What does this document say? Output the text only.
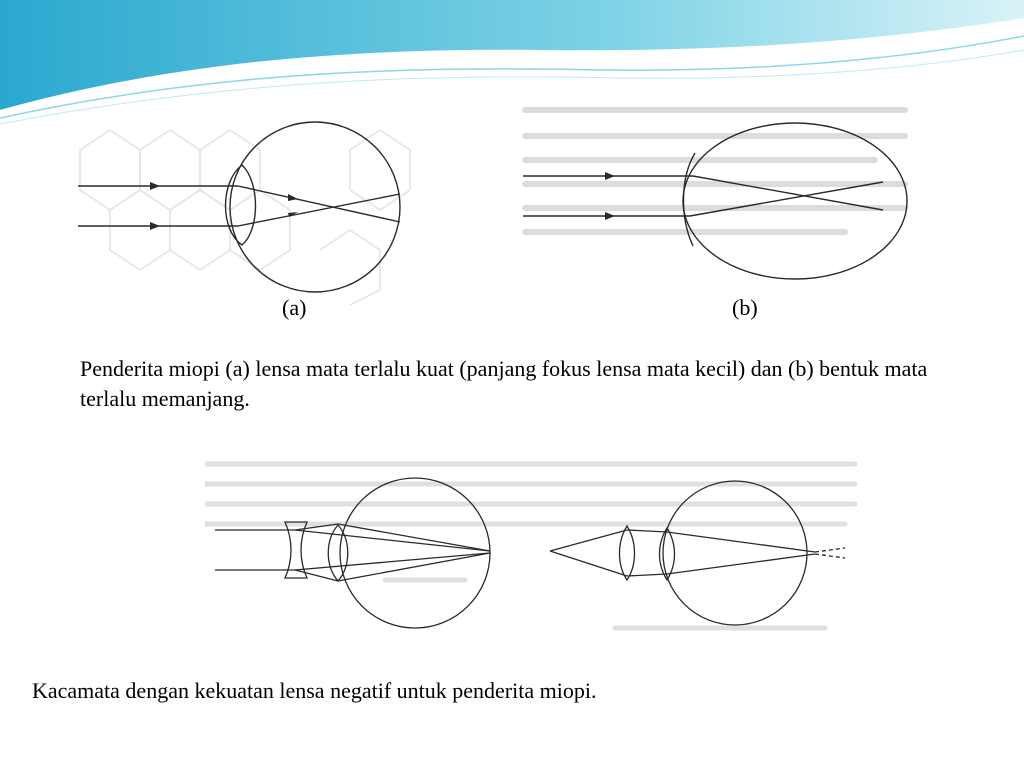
(a)	(b)

Penderita miopi (a) lensa mata terlalu kuat (panjang fokus lensa mata kecil) dan (b) bentuk mata terlalu memanjang.

Kacamata dengan kekuatan lensa negatif untuk penderita miopi.
